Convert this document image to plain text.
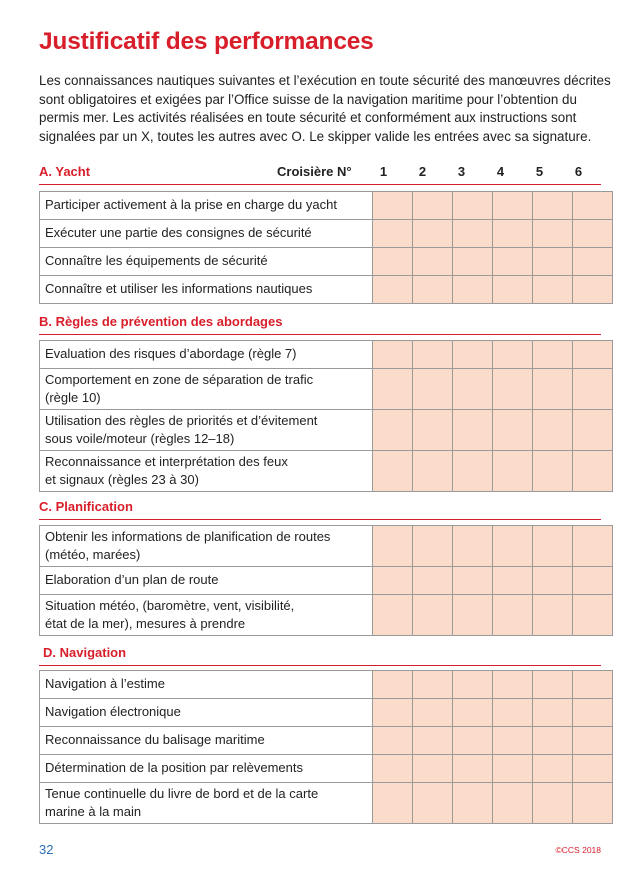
Justificatif des performances

Les connaissances nautiques suivantes et l’exécution en toute sécurité des manœuvres décrites

sont obligatoires et exigées par l’Office suisse de la navigation maritime pour l’obtention du

permis mer. Les activités réalisées en toute sécurité et conformément aux instructions sont

signalées par un X, toutes les autres avec O. Le skipper valide les entrées avec sa signature.

A. Yacht	Croisière N°	1	2	3	4	5	6
Participer activement à la prise en charge du yacht						

Exécuter une partie des consignes de sécurité						

Connaître les équipements de sécurité						

Connaître et utiliser les informations nautiques						

B. Règles de prévention des abordages
Evaluation des risques d’abordage (règle 7)						

Comportement en zone de séparation de trafic
(règle 10)						

Utilisation des règles de priorités et d’évitement
sous voile/moteur (règles 12–18)						

Reconnaissance et interprétation des feux
et signaux (règles 23 à 30)						

C. Planification
Obtenir les informations de planification de routes
(météo, marées)						

Elaboration d’un plan de route						

Situation météo, (baromètre, vent, visibilité,
état de la mer), mesures à prendre						

D. Navigation
Navigation à l’estime						

Navigation électronique						

Reconnaissance du balisage maritime						

Détermination de la position par relèvements						

Tenue continuelle du livre de bord et de la carte
marine à la main						

32	©CCS 2018
